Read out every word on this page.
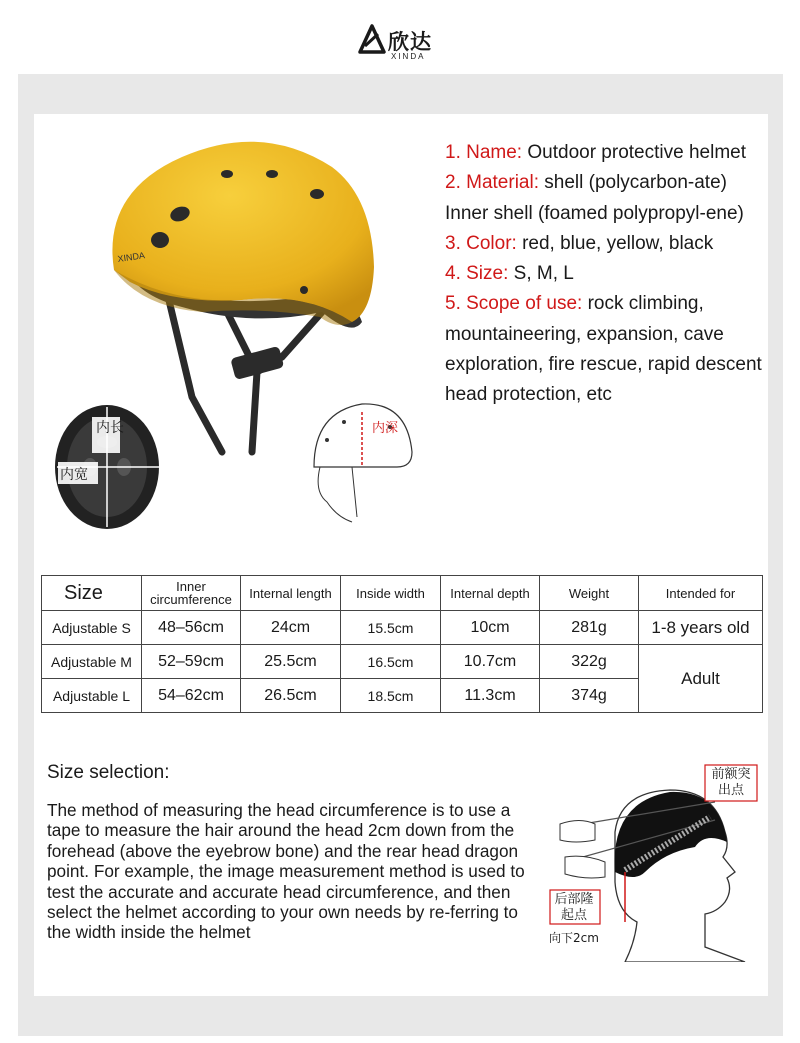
欣达
XINDA
XINDA
内长
内宽
内深

1. Name: Outdoor protective helmet

2. Material: shell (polycarbon-ate)

Inner shell (foamed polypropyl-ene)

3. Color: red, blue, yellow, black

4. Size: S, M, L

5. Scope of use: rock climbing, mountaineering, expansion, cave exploration, fire rescue, rapid descent head protection, etc

Size	Inner circumference	Internal length	Inside width	Internal depth	Weight	Intended for
Adjustable S	48–56cm	24cm	15.5cm	10cm	281g	1-8 years old
Adjustable M	52–59cm	25.5cm	16.5cm	10.7cm	322g	Adult
Adjustable L	54–62cm	26.5cm	18.5cm	11.3cm	374g	
Size selection:
The method of measuring the head circumference is to use a tape to measure the hair around the head 2cm down from the forehead (above the eyebrow bone) and the rear head dragon point. For example, the image measurement method is used to test the accurate and accurate head circumference, and then select the helmet according to your own needs by re-ferring to the width inside the helmet
前额突出点
后部隆起点
向下2cm
